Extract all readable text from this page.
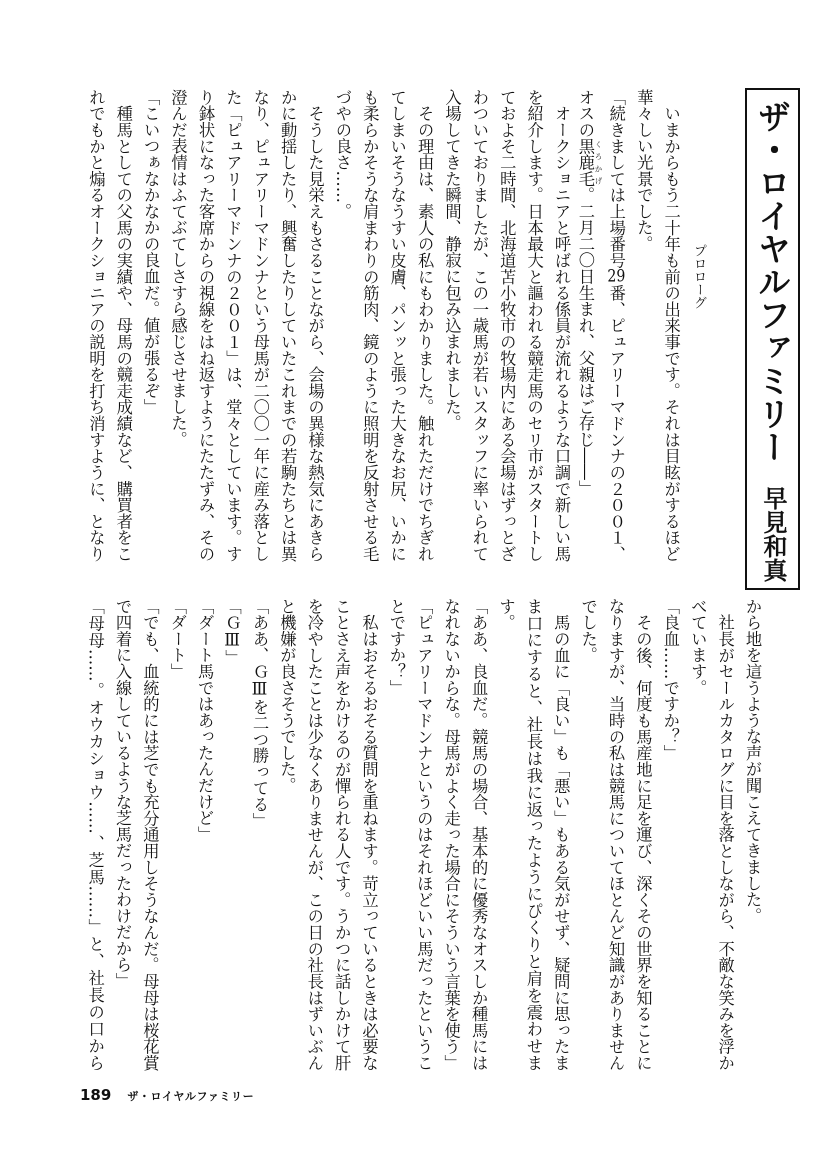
ザ・ロイヤルファミリー
早見和真
プロローグ
　いまからもう二十年も前の出来事です。それは目眩がするほど
華々しい光景でした。
「続きましては上場番号29番、ピュアリーマドンナの２００１、
オスの黒鹿毛 くろかげ。二月二〇日生まれ、父親はご存じ――」
　オークショニアと呼ばれる係員が流れるような口調で新しい馬
を紹介します。日本最大と謳われる競走馬のセリ市がスタートし
ておよそ二時間、北海道苫小牧市の牧場内にある会場はずっとざ
わついておりましたが、この一歳馬が若いスタッフに率いられて
入場してきた瞬間、静寂に包み込まれました。
　その理由は、素人の私にもわかりました。触れただけでちぎれ
てしまいそうなうすい皮膚、パンッと張った大きなお尻、いかに
も柔らかそうな肩まわりの筋肉、鏡のように照明を反射させる毛
づやの良さ……。
　そうした見栄えもさることながら、会場の異様な熱気にあきら
かに動揺したり、興奮したりしていたこれまでの若駒たちとは異
なり、ピュアリーマドンナという母馬が二〇〇一年に産み落とし
た「ピュアリーマドンナの２００１」は、堂々としています。す
り鉢状になった客席からの視線をはね返すようにたたずみ、その
澄んだ表情はふてぶてしさすら感じさせました。
「こいつぁなかなかの良血だ。値が張るぞ」
　種馬としての父馬の実績や、母馬の競走成績など、購買者をこ
れでもかと煽るオークショニアの説明を打ち消すように、となり
から地を這うような声が聞こえてきました。
　社長がセールカタログに目を落としながら、不敵な笑みを浮か
べています。
「良血……ですか？」
　その後、何度も馬産地に足を運び、深くその世界を知ることに
なりますが、当時の私は競馬についてほとんど知識がありません
でした。
　馬の血に「良い」も「悪い」もある気がせず、疑問に思ったま
ま口にすると、社長は我に返ったようにぴくりと肩を震わせま
す。
「ああ、良血だ。競馬の場合、基本的に優秀なオスしか種馬には
なれないからな。母馬がよく走った場合にそういう言葉を使う」
「ピュアリーマドンナというのはそれほどいい馬だったというこ
とですか？」
　私はおそるおそる質問を重ねます。苛立っているときは必要な
ことさえ声をかけるのが憚られる人です。うかつに話しかけて肝
を冷やしたことは少なくありませんが、この日の社長はずいぶん
と機嫌が良さそうでした。
「ああ、ＧⅢを二つ勝ってる」
「ＧⅢ」
「ダート馬ではあったんだけど」
「ダート」
「でも、血統的には芝でも充分通用しそうなんだ。母母は桜花賞
で四着に入線しているような芝馬だったわけだから」
「母母……。オウカショウ……、芝馬……」と、社長の口から
189 ザ・ロイヤルファミリー
